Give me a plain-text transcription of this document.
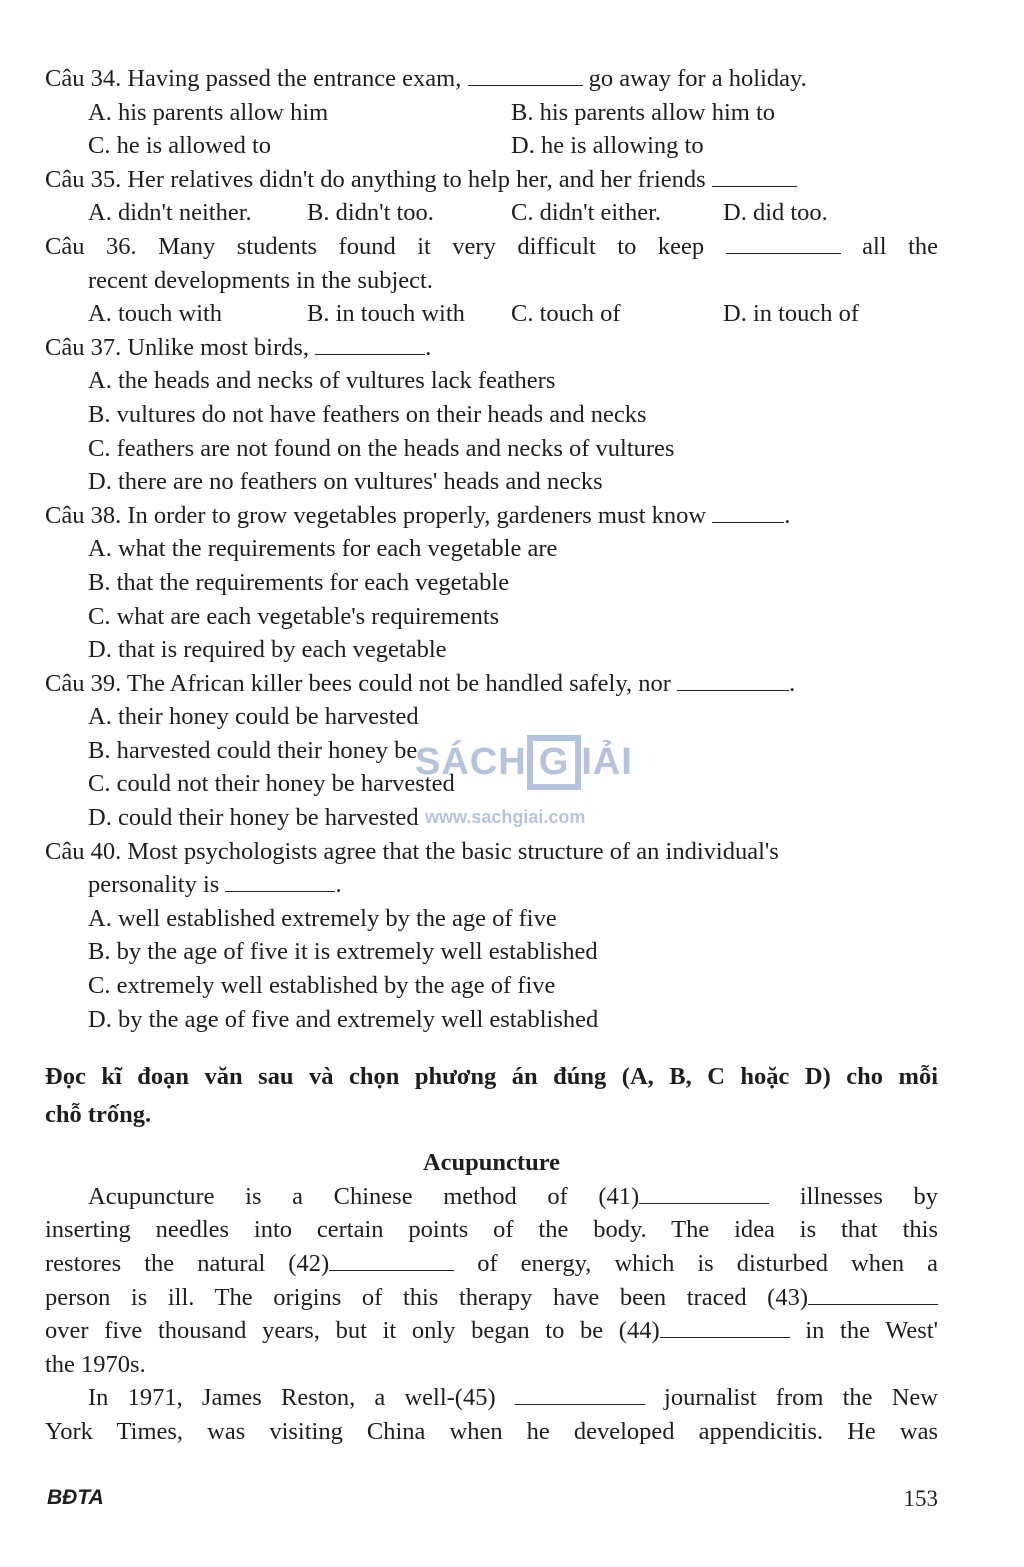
Câu 34. Having passed the entrance exam,	go away for a holiday.
A. his parents allow him	B. his parents allow him to
C. he is allowed to	D. he is allowing to
Câu 35. Her relatives didn't do anything to help her, and her friends
A. didn't neither. B. didn't too.	C. didn't either.	D. did too.
Câu 36. Many students found it very difficult to keep	all the
recent developments in the subject.
A. touch with	B. in touch with C. touch of	D. in touch of
Câu 37. Unlike most birds,	.
A. the heads and necks of vultures lack feathers
B. vultures do not have feathers on their heads and necks
C. feathers are not found on the heads and necks of vultures
D. there are no feathers on vultures' heads and necks
Câu 38. In order to grow vegetables properly, gardeners must know	.
A. what the requirements for each vegetable are
B. that the requirements for each vegetable
C. what are each vegetable's requirements
D. that is required by each vegetable
Câu 39. The African killer bees could not be handled safely, nor	.
A. their honey could be harvested
B. harvested could their honey be
C. could not their honey be harvested
D. could their honey be harvested
Câu 40. Most psychologists agree that the basic structure of an individual's
personality is	.
A. well established extremely by the age of five
B. by the age of five it is extremely well established
C. extremely well established by the age of five
D. by the age of five and extremely well established
Đọc kĩ đoạn văn sau và chọn phương án đúng (A, B, C hoặc D) cho mỗi
chỗ trống.
Acupuncture
Acupuncture is a Chinese method of (41)	illnesses by
inserting needles into certain points of the body. The idea is that this
restores the natural (42)	of energy, which is disturbed when a
person is ill. The origins of this therapy have been traced (43)
over five thousand years, but it only began to be (44)	in the West'
the 1970s.
In 1971, James Reston, a well-(45)	journalist from the New
York Times, was visiting China when he developed appendicitis. He was
SÁCH G IẢI
www.sachgiai.com
BĐTA	153
